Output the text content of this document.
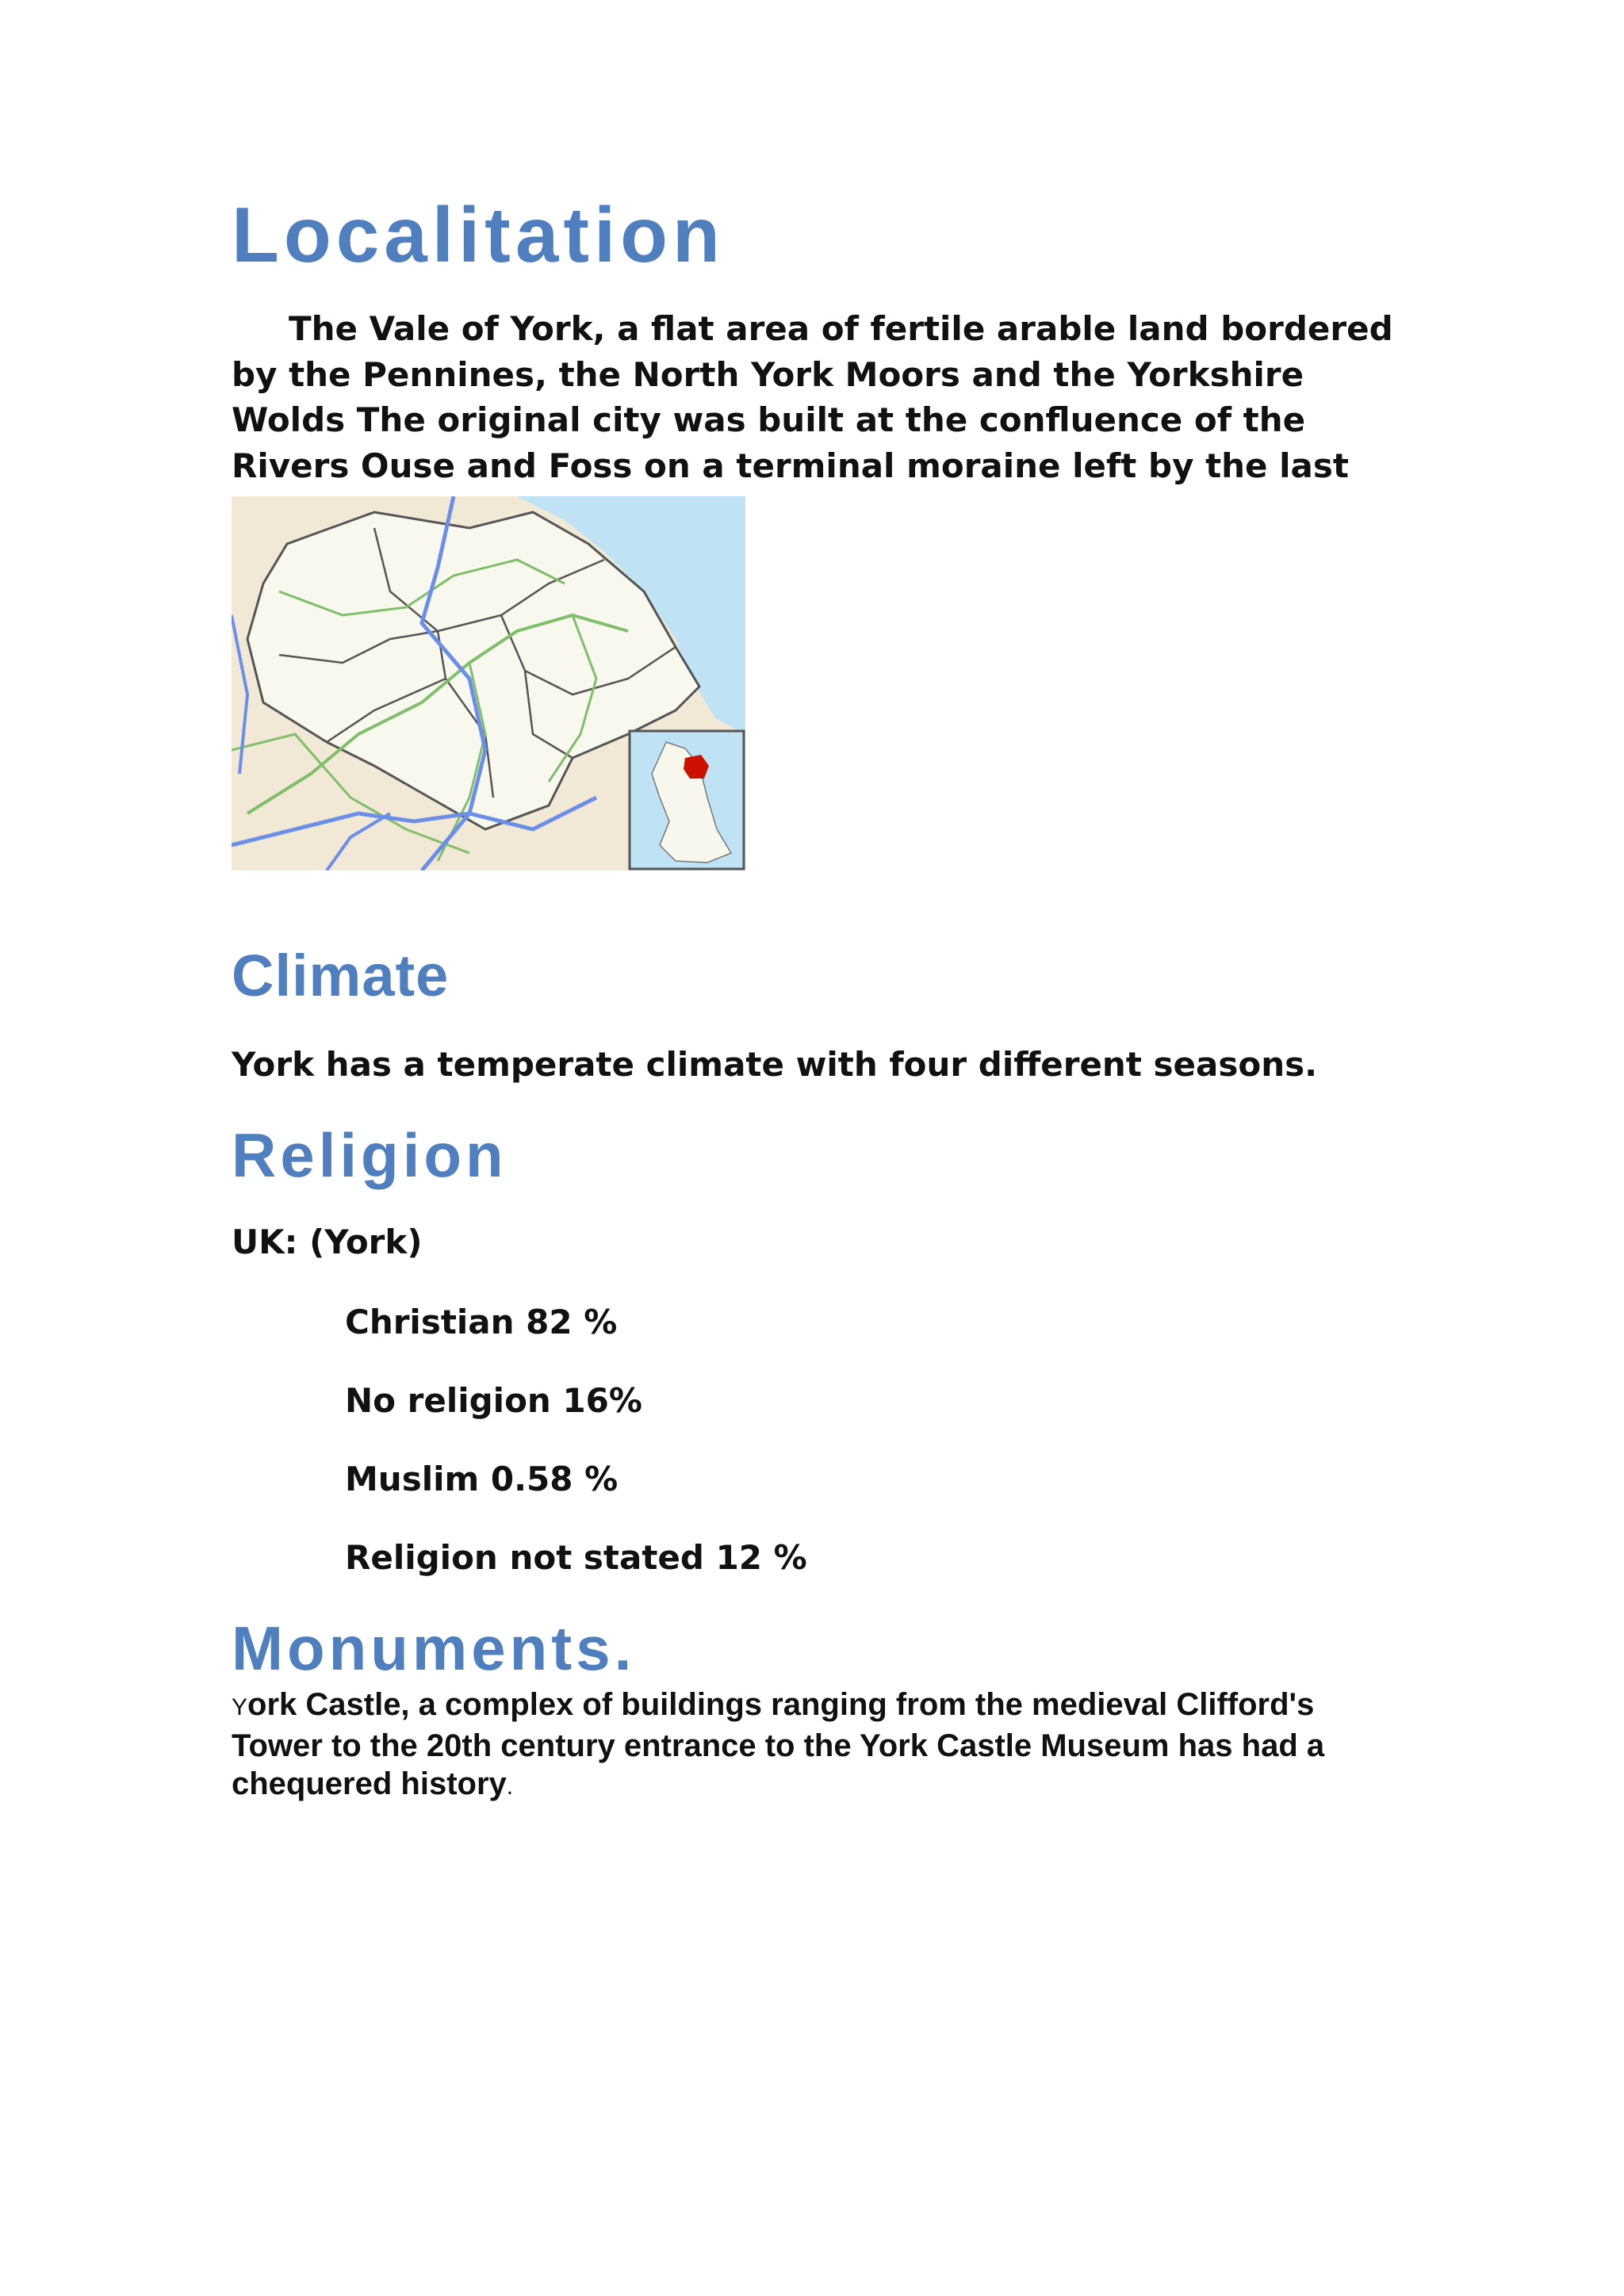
Localitation

The Vale of York, a flat area of fertile arable land bordered by the Pennines, the North York Moors and the Yorkshire Wolds The original city was built at the confluence of the Rivers Ouse and Foss on a terminal moraine left by the last

Climate

York has a temperate climate with four different seasons.

Religion

UK: (York)

Christian 82 %
No religion 16%
Muslim 0.58 %
Religion not stated 12 %
Monuments.

York Castle, a complex of buildings ranging from the medieval Clifford's Tower to the 20th century entrance to the York Castle Museum has had a chequered history.
